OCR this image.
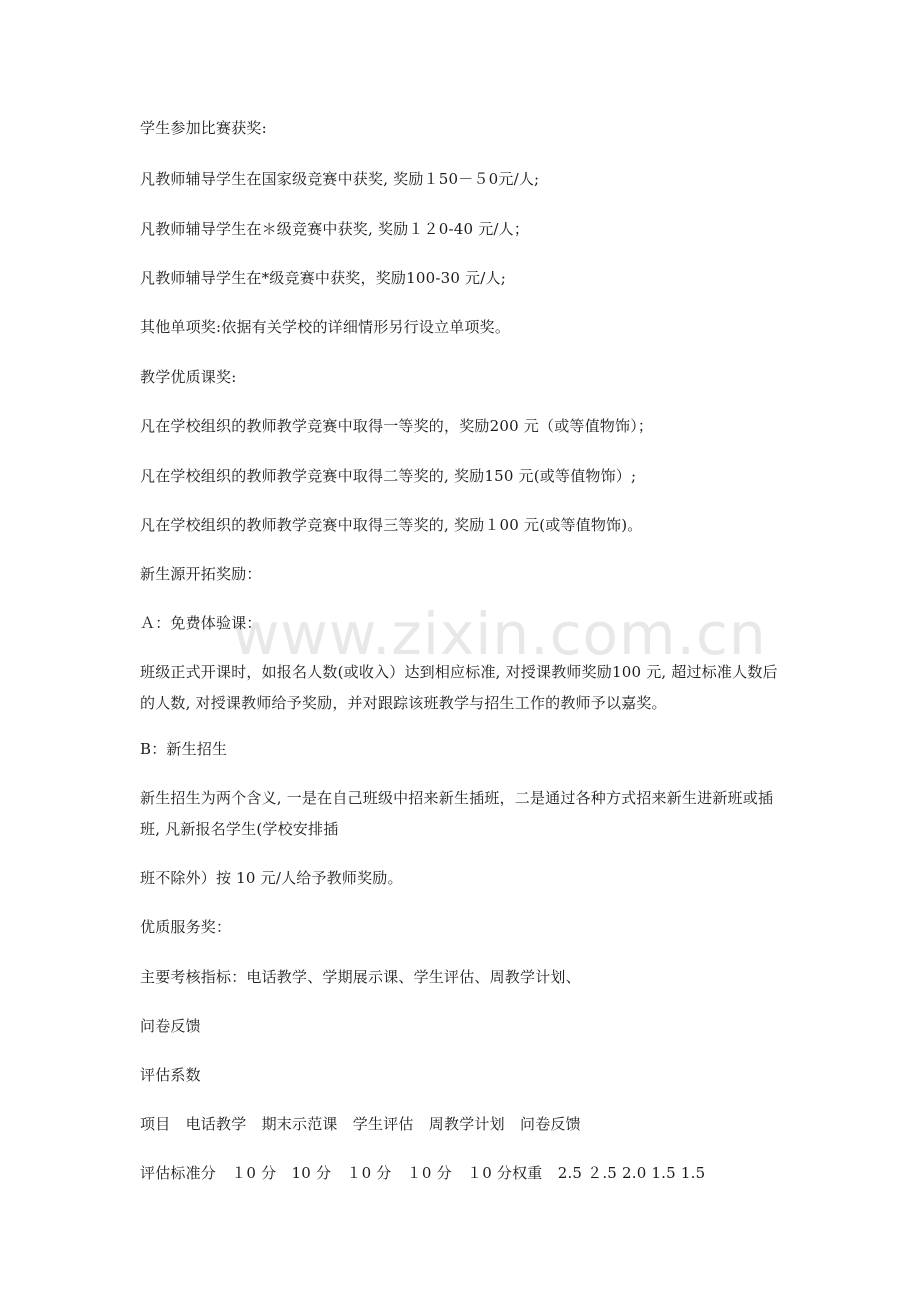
www.zixin.com.cn
学生参加比赛获奖:
凡教师辅导学生在国家级竞赛中获奖, 奖励１50－５0元/人;
凡教师辅导学生在＊级竞赛中获奖, 奖励１２0-40 元/人；
凡教师辅导学生在*级竞赛中获奖，奖励100-30 元/人;
其他单项奖:依据有关学校的详细情形另行设立单项奖。
教学优质课奖:
凡在学校组织的教师教学竞赛中取得一等奖的，奖励200 元（或等值物饰）；
凡在学校组织的教师教学竞赛中取得二等奖的, 奖励150 元(或等值物饰）;
凡在学校组织的教师教学竞赛中取得三等奖的, 奖励１00 元(或等值物饰)。
新生源开拓奖励：
Ａ：免费体验课：
班级正式开课时，如报名人数(或收入）达到相应标准, 对授课教师奖励100 元, 超过标准人数后的人数, 对授课教师给予奖励，并对跟踪该班教学与招生工作的教师予以嘉奖。
B：新生招生
新生招生为两个含义, 一是在自己班级中招来新生插班，二是通过各种方式招来新生进新班或插班, 凡新报名学生(学校安排插
班不除外）按 10 元/人给予教师奖励。
优质服务奖：
主要考核指标：电话教学、学期展示课、学生评估、周教学计划、
问卷反馈
评估系数
项目　电话教学　期末示范课　学生评估　周教学计划　问卷反馈
评估标准分　１0 分　10 分　１0 分　１0 分　１0 分权重　2.5 ２.5 2.0 1.5 1.5
